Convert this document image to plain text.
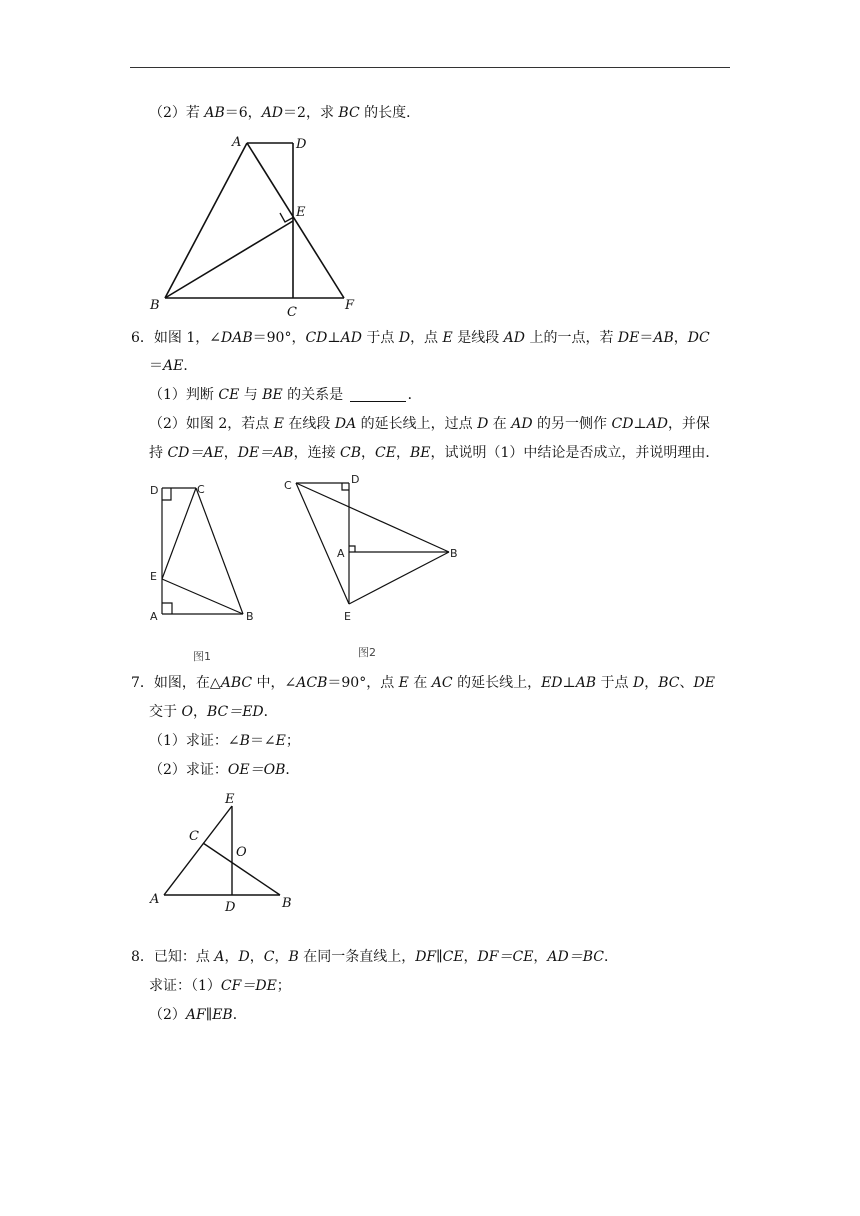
（2）若 AB＝6，AD＝2，求 BC 的长度．
A	D
E
B	C	F
6．如图 1，∠DAB＝90°，CD⊥AD 于点 D，点 E 是线段 AD 上的一点，若 DE＝AB，DC
＝AE．
（1）判断 CE 与 BE 的关系是	．
（2）如图 2，若点 E 在线段 DA 的延长线上，过点 D 在 AD 的另一侧作 CD⊥AD，并保
持 CD＝AE，DE＝AB，连接 CB，CE，BE，试说明（1）中结论是否成立，并说明理由．
D	C
E
A	B
图1
C	D
A	B
E
图2
7．如图，在△ABC 中，∠ACB＝90°，点 E 在 AC 的延长线上，ED⊥AB 于点 D，BC、DE
交于 O，BC＝ED．
（1）求证：∠B＝∠E；
（2）求证：OE＝OB．
E
C
O
A
D	B
8．已知：点 A，D，C，B 在同一条直线上，DF∥CE，DF＝CE，AD＝BC．
求证：（1）CF＝DE；
（2）AF∥EB．
